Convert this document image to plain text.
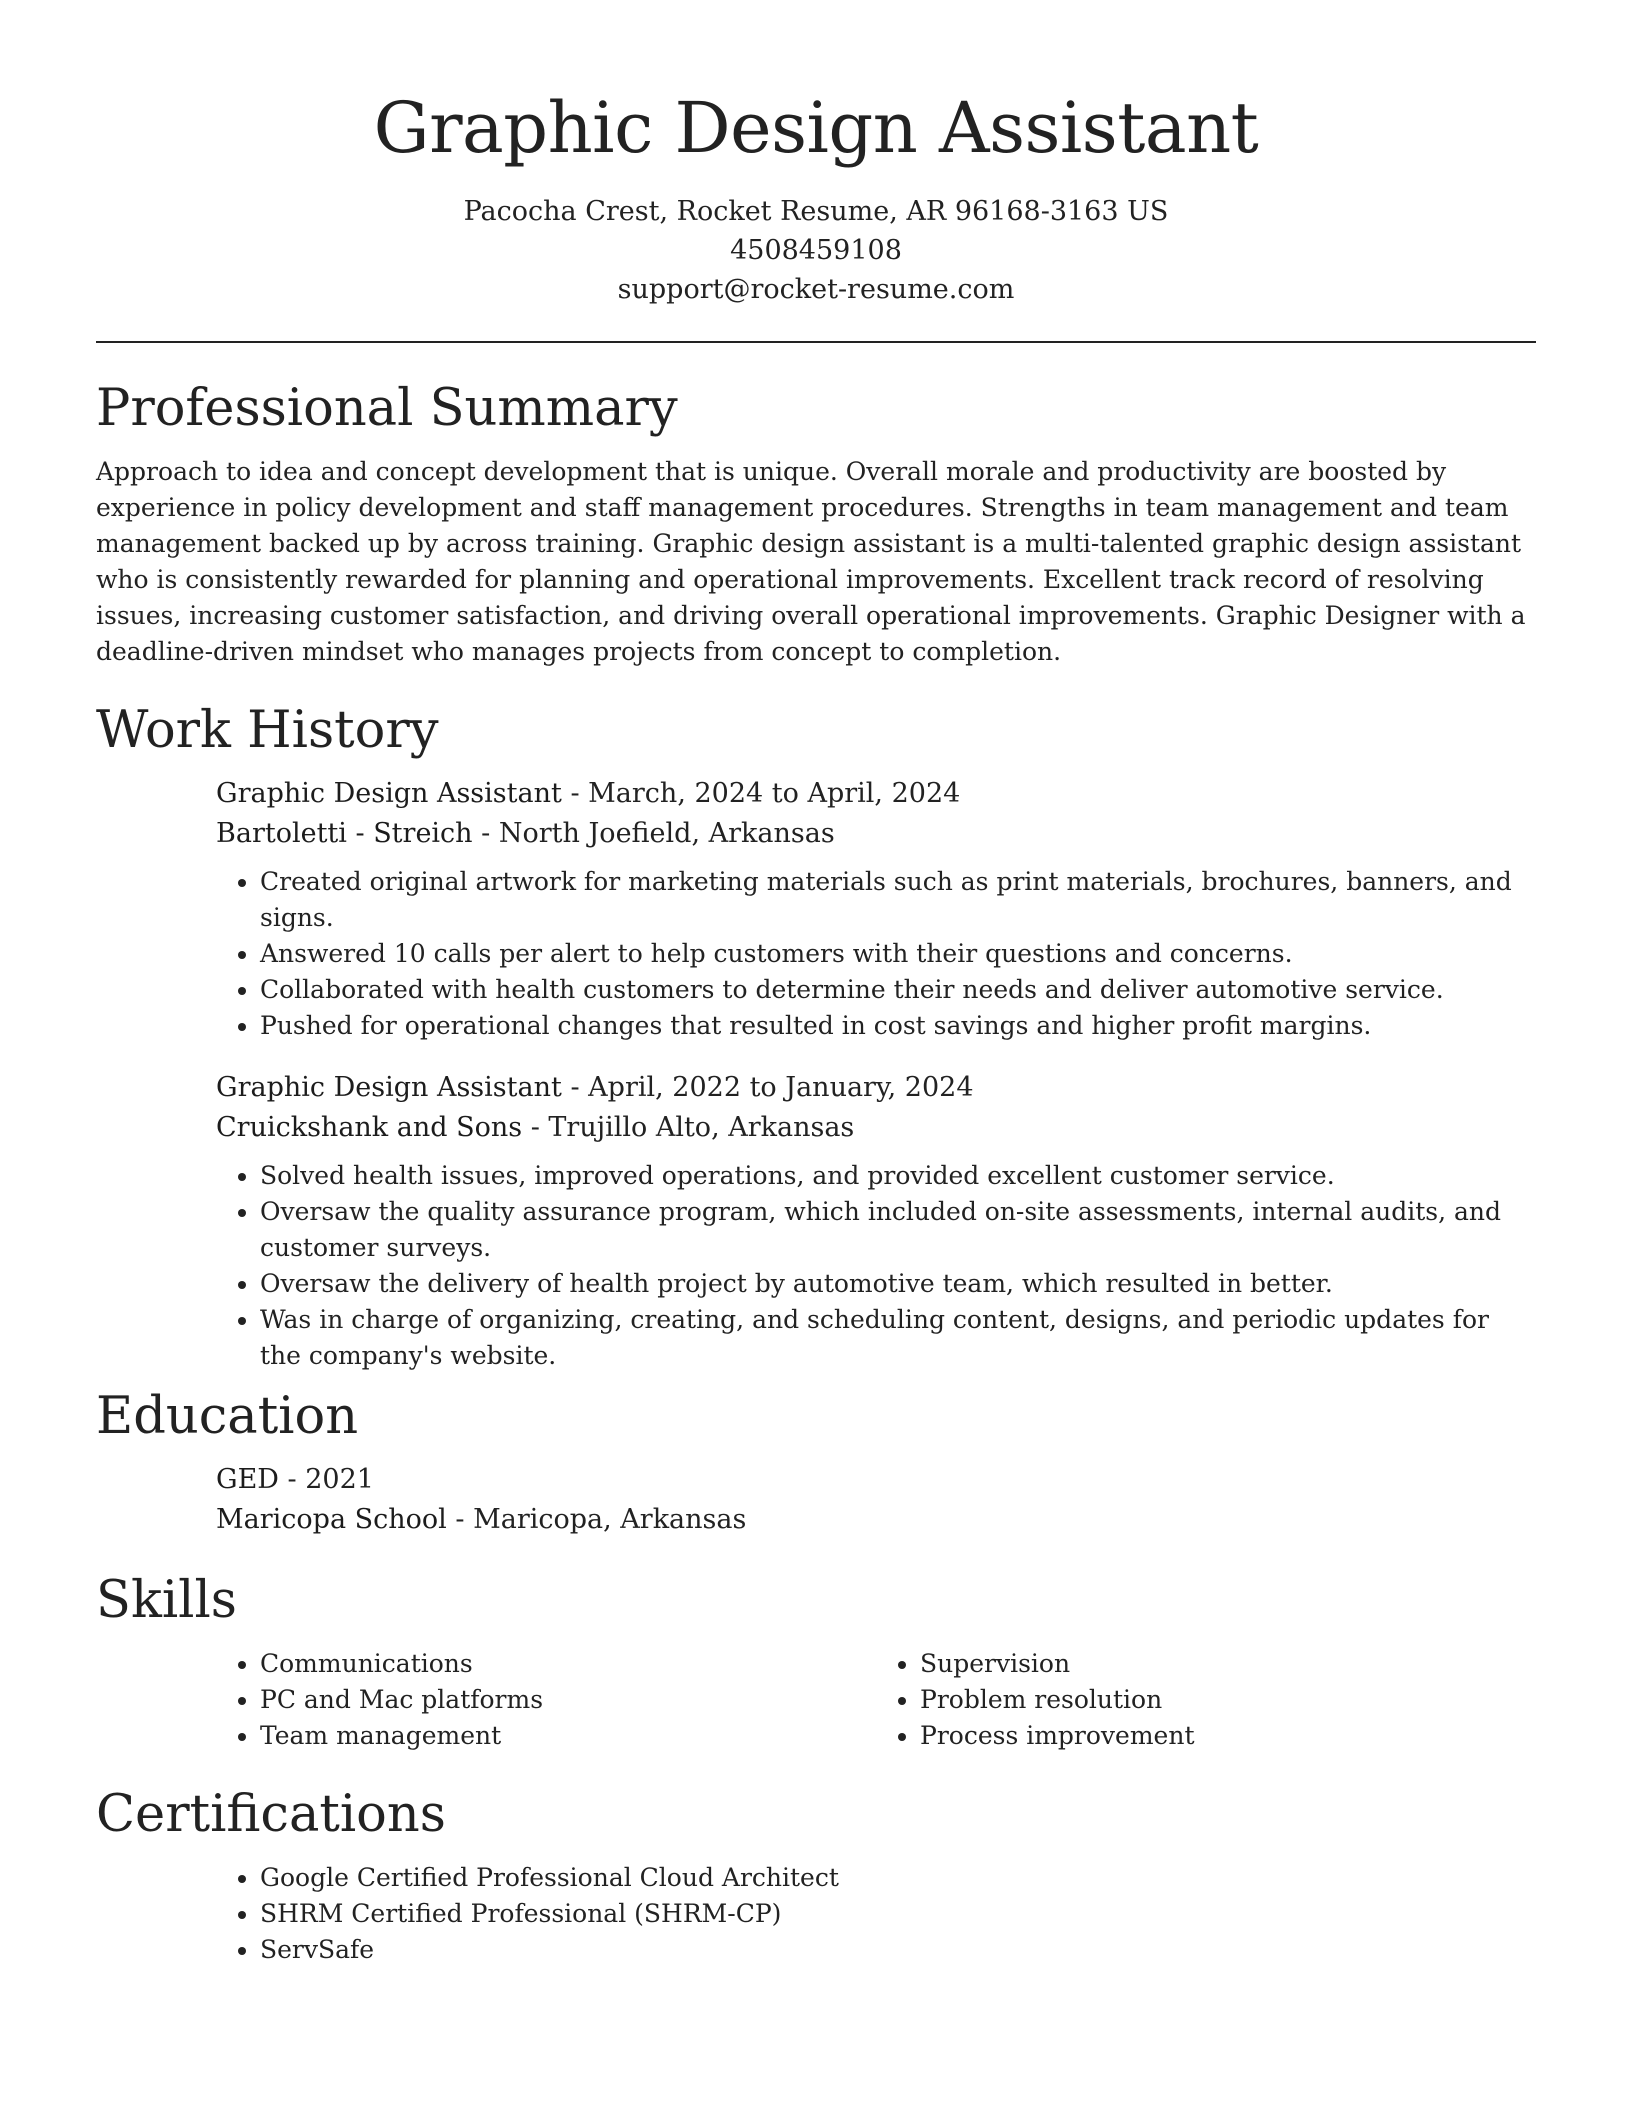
Graphic Design Assistant
Pacocha Crest, Rocket Resume, AR 96168-3163 US
4508459108
support@rocket-resume.com
Professional Summary

Approach to idea and concept development that is unique. Overall morale and productivity are boosted by experience in policy development and staff management procedures. Strengths in team management and team management backed up by across training. Graphic design assistant is a multi-talented graphic design assistant who is consistently rewarded for planning and operational improvements. Excellent track record of resolving issues, increasing customer satisfaction, and driving overall operational improvements. Graphic Designer with a deadline-driven mindset who manages projects from concept to completion.

Work History
Graphic Design Assistant - March, 2024 to April, 2024
Bartoletti - Streich - North Joefield, Arkansas
• Created original artwork for marketing materials such as print materials, brochures, banners, and signs.
• Answered 10 calls per alert to help customers with their questions and concerns.
• Collaborated with health customers to determine their needs and deliver automotive service.
• Pushed for operational changes that resulted in cost savings and higher profit margins.
Graphic Design Assistant - April, 2022 to January, 2024
Cruickshank and Sons - Trujillo Alto, Arkansas
• Solved health issues, improved operations, and provided excellent customer service.
• Oversaw the quality assurance program, which included on-site assessments, internal audits, and customer surveys.
• Oversaw the delivery of health project by automotive team, which resulted in better.
• Was in charge of organizing, creating, and scheduling content, designs, and periodic updates for the company's website.
Education
GED - 2021
Maricopa School - Maricopa, Arkansas
Skills
• Communications
• PC and Mac platforms
• Team management
• Supervision
• Problem resolution
• Process improvement
Certifications
• Google Certified Professional Cloud Architect
• SHRM Certified Professional (SHRM-CP)
• ServSafe
